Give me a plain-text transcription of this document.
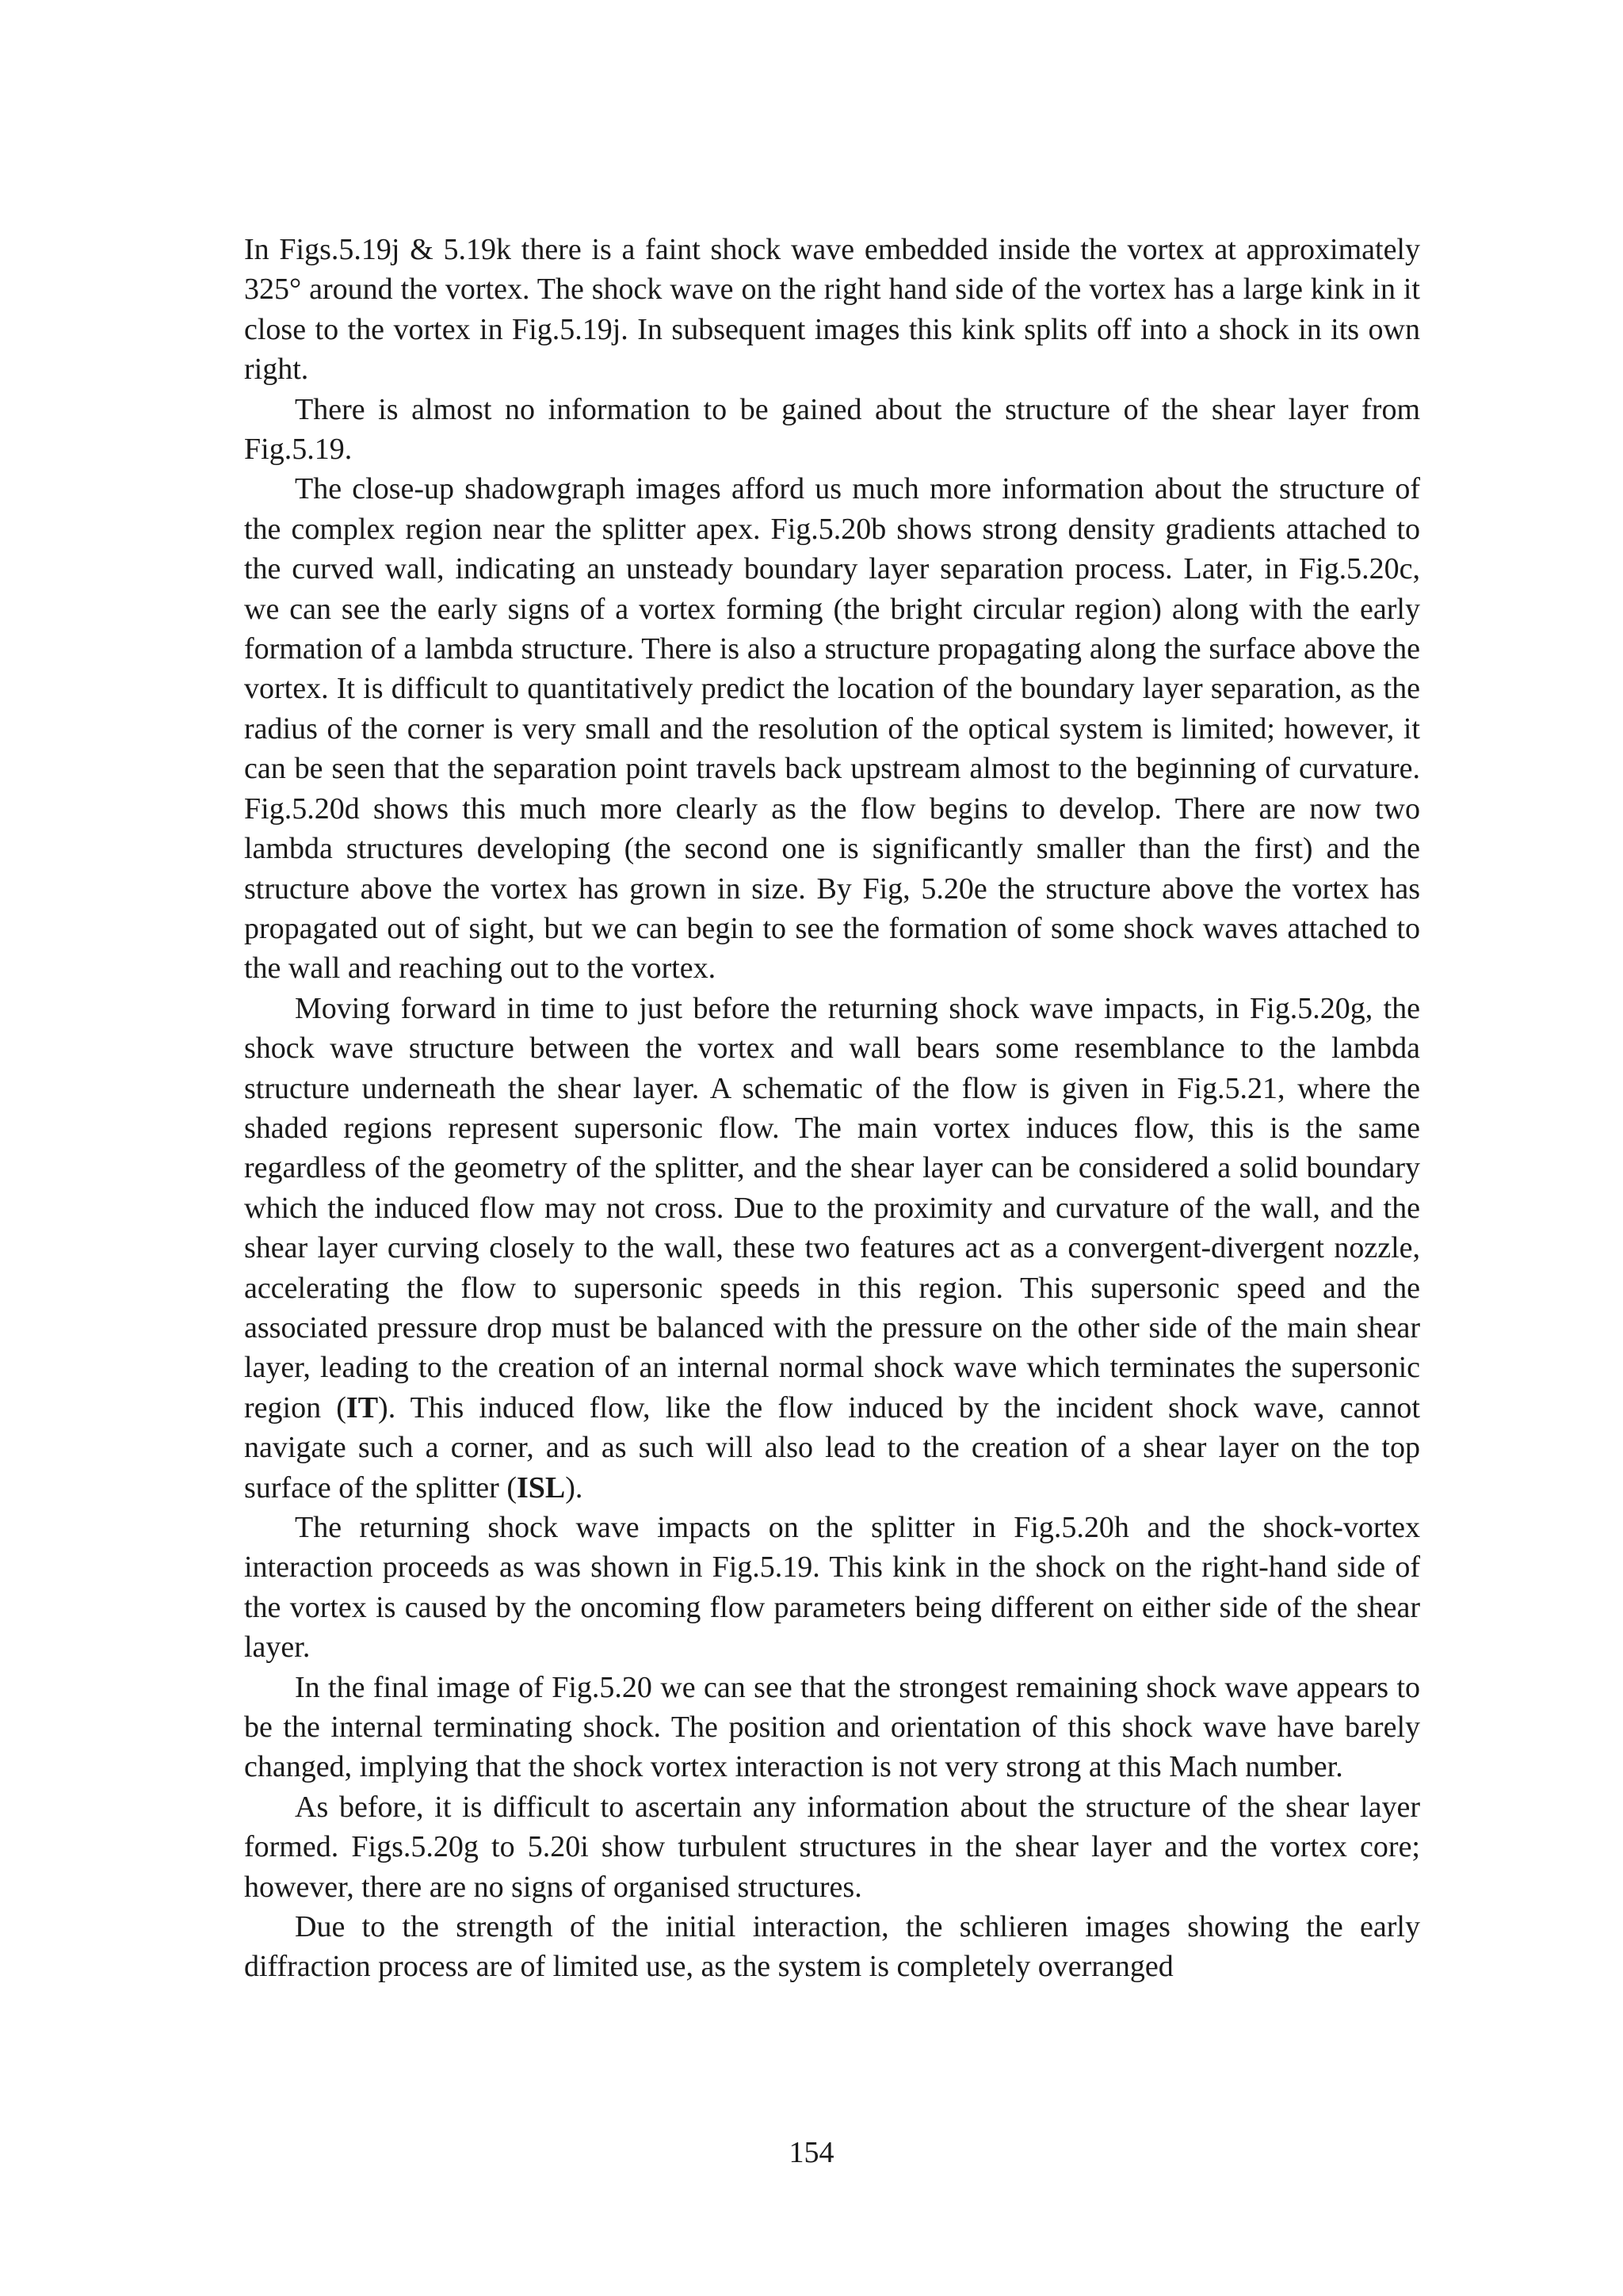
In Figs.5.19j & 5.19k there is a faint shock wave embedded inside the vortex at approximately 325° around the vortex. The shock wave on the right hand side of the vortex has a large kink in it close to the vortex in Fig.5.19j. In subsequent images this kink splits off into a shock in its own right.

There is almost no information to be gained about the structure of the shear layer from Fig.5.19.

The close-up shadowgraph images afford us much more information about the structure of the complex region near the splitter apex. Fig.5.20b shows strong density gradients attached to the curved wall, indicating an unsteady boundary layer separation process. Later, in Fig.5.20c, we can see the early signs of a vortex forming (the bright circular region) along with the early formation of a lambda structure. There is also a structure propagating along the surface above the vortex. It is difficult to quantitatively predict the location of the boundary layer separation, as the radius of the corner is very small and the resolution of the optical system is limited; however, it can be seen that the separation point travels back upstream almost to the beginning of curvature. Fig.5.20d shows this much more clearly as the flow begins to develop. There are now two lambda structures developing (the second one is significantly smaller than the first) and the structure above the vortex has grown in size. By Fig, 5.20e the structure above the vortex has propagated out of sight, but we can begin to see the formation of some shock waves attached to the wall and reaching out to the vortex.

Moving forward in time to just before the returning shock wave impacts, in Fig.5.20g, the shock wave structure between the vortex and wall bears some resemblance to the lambda structure underneath the shear layer. A schematic of the flow is given in Fig.5.21, where the shaded regions represent supersonic flow. The main vortex induces flow, this is the same regardless of the geometry of the splitter, and the shear layer can be considered a solid boundary which the induced flow may not cross. Due to the proximity and curvature of the wall, and the shear layer curving closely to the wall, these two features act as a convergent-divergent nozzle, accelerating the flow to supersonic speeds in this region. This supersonic speed and the associated pressure drop must be balanced with the pressure on the other side of the main shear layer, leading to the creation of an internal normal shock wave which terminates the supersonic region (IT). This induced flow, like the flow induced by the incident shock wave, cannot navigate such a corner, and as such will also lead to the creation of a shear layer on the top surface of the splitter (ISL).

The returning shock wave impacts on the splitter in Fig.5.20h and the shock-vortex interaction proceeds as was shown in Fig.5.19. This kink in the shock on the right-hand side of the vortex is caused by the oncoming flow parameters being different on either side of the shear layer.

In the final image of Fig.5.20 we can see that the strongest remaining shock wave appears to be the internal terminating shock. The position and orientation of this shock wave have barely changed, implying that the shock vortex interaction is not very strong at this Mach number.

As before, it is difficult to ascertain any information about the structure of the shear layer formed. Figs.5.20g to 5.20i show turbulent structures in the shear layer and the vortex core; however, there are no signs of organised structures.

Due to the strength of the initial interaction, the schlieren images showing the early diffraction process are of limited use, as the system is completely overranged

154
